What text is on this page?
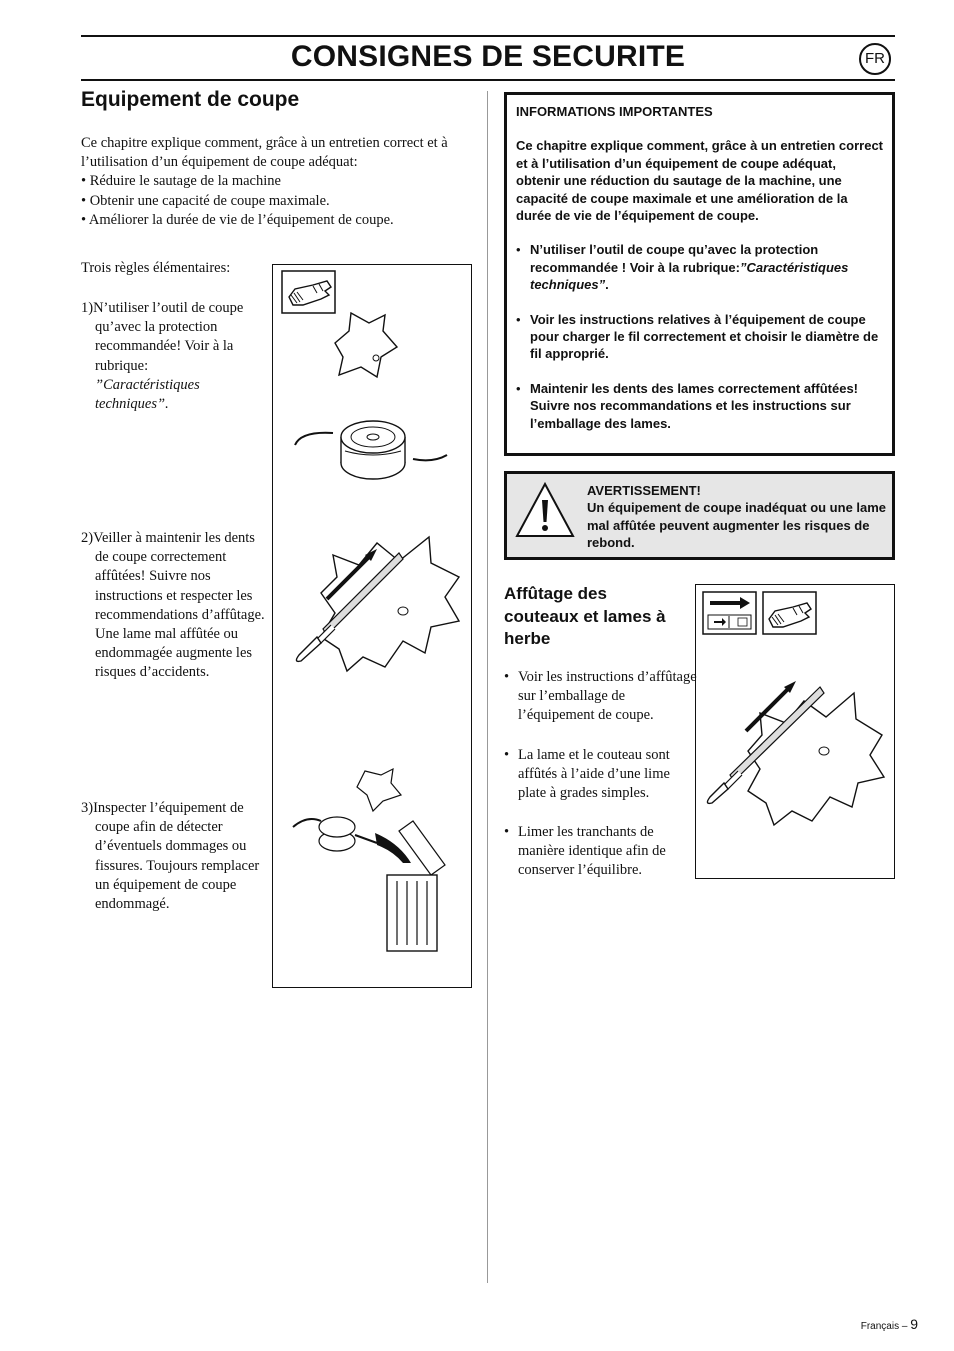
CONSIGNES DE SECURITE	FR
Equipement de coupe

Ce chapitre explique comment, grâce à un entretien correct et à l’utilisation d’un équipement de coupe adéquat:

• Réduire le sautage de la machine

• Obtenir une capacité de coupe maximale.

• Améliorer la durée de vie de l’équipement de coupe.

Trois règles élémentaires:
1)N’utiliser l’outil de coupe qu’avec la protection recommandée! Voir à la rubrique:
”Caractéristiques techniques”.
2)Veiller à maintenir les dents de coupe correctement affûtées! Suivre nos instructions et respecter les recommendations d’affûtage. Une lame mal affûtée ou endommagée augmente les risques d’accidents.
3)Inspecter l’équipement de coupe afin de détecter d’éventuels dommages ou fissures. Toujours remplacer un équipement de coupe endommagé.
INFORMATIONS IMPORTANTES
Ce chapitre explique comment, grâce à un entretien correct et à l’utilisation d’un équipement de coupe adéquat, obtenir une réduction du sautage de la machine, une capacité de coupe maximale et une amélioration de la durée de vie de l’équipement de coupe.
• N’utiliser l’outil de coupe qu’avec la protection recommandée ! Voir à la rubrique:”Caractéristiques techniques”.
• Voir les instructions relatives à l’équipement de coupe pour charger le fil correctement et choisir le diamètre de fil approprié.
• Maintenir les dents des lames correctement affûtées! Suivre nos recommandations et les instructions sur l’emballage des lames.
AVERTISSEMENT!
Un équipement de coupe inadéquat ou une lame mal affûtée peuvent augmenter les risques de rebond.
Affûtage des couteaux et lames à herbe
• Voir les instructions d’affûtage sur l’emballage de l’équipement de coupe.
• La lame et le couteau sont affûtés à l’aide d’une lime plate à grades simples.
• Limer les tranchants de manière identique afin de conserver l’équilibre.
Français – 9
